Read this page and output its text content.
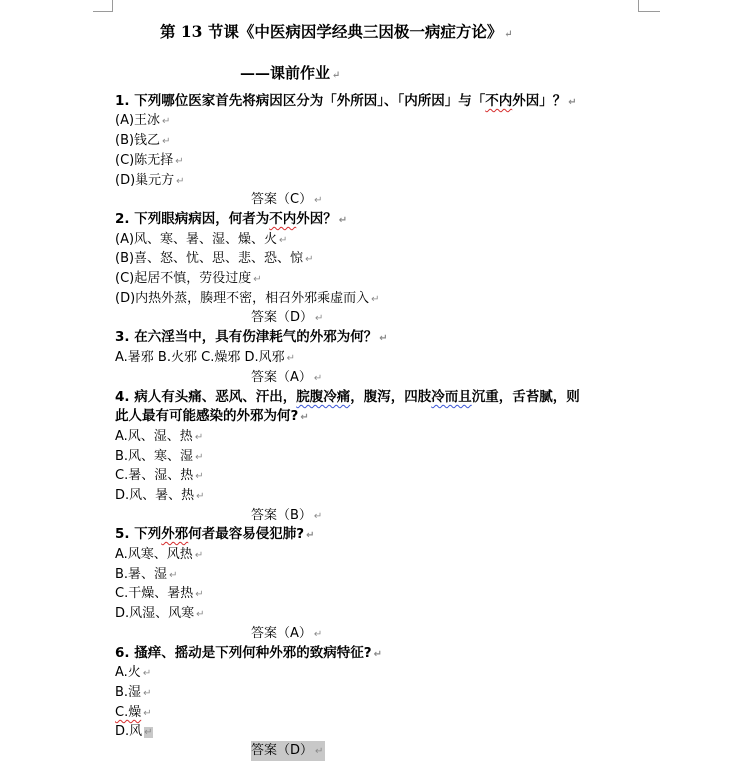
第 13 节课《中医病因学经典三因极一病症方论》 ↵
——课前作业 ↵
1. 下列哪位医家首先将病因区分为「外所因」、「内所因」与「不内外因」？ ↵
(A)王冰 ↵
(B)钱乙 ↵
(C)陈无择 ↵
(D)巢元方 ↵
答案（C） ↵
2. 下列眼病病因，何者为不内外因？ ↵
(A)风、寒、暑、湿、燥、火 ↵
(B)喜、怒、忧、思、悲、恐、惊 ↵
(C)起居不慎，劳役过度 ↵
(D)内热外蒸，腠理不密，相召外邪乘虚而入 ↵
答案（D） ↵
3. 在六淫当中，具有伤津耗气的外邪为何？ ↵
A.暑邪 B.火邪 C.燥邪 D.风邪 ↵
答案（A） ↵
4. 病人有头痛、恶风、汗出，脘腹冷痛，腹泻，四肢冷而且沉重，舌苔腻，则
此人最有可能感染的外邪为何? ↵
A.风、湿、热 ↵
B.风、寒、湿 ↵
C.暑、湿、热 ↵
D.风、暑、热 ↵
答案（B） ↵
5. 下列外邪何者最容易侵犯肺? ↵
A.风寒、风热 ↵
B.暑、湿 ↵
C.干燥、暑热 ↵
D.风湿、风寒 ↵
答案（A） ↵
6. 搔痒、摇动是下列何种外邪的致病特征? ↵
A.火 ↵
B.湿 ↵
C.燥 ↵
D.风 ↵
答案（D） ↵
